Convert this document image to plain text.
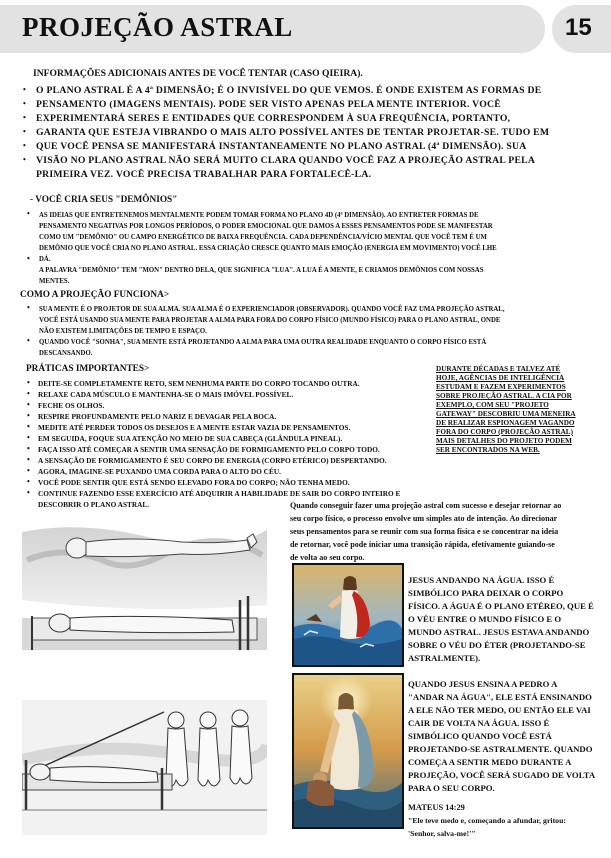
PROJEÇÃO ASTRAL	15

INFORMAÇÕES ADICIONAIS ANTES DE VOCÊ TENTAR (CASO QIEIRA).

•
•
•
•
•
•

O PLANO ASTRAL É A 4ª DIMENSÃO; É O INVISÍVEL DO QUE VEMOS. É ONDE EXISTEM AS FORMAS DE

PENSAMENTO (IMAGENS MENTAIS). PODE SER VISTO APENAS PELA MENTE INTERIOR. VOCÊ

EXPERIMENTARÁ SERES E ENTIDADES QUE CORRESPONDEM À SUA FREQUÊNCIA, PORTANTO,

GARANTA QUE ESTEJA VIBRANDO O MAIS ALTO POSSÍVEL ANTES DE TENTAR PROJETAR-SE. TUDO EM

QUE VOCÊ PENSA SE MANIFESTARÁ INSTANTANEAMENTE NO PLANO ASTRAL (4ª DIMENSÃO). SUA

VISÃO NO PLANO ASTRAL NÃO SERÁ MUITO CLARA QUANDO VOCÊ FAZ A PROJEÇÃO ASTRAL PELA

PRIMEIRA VEZ. VOCÊ PRECISA TRABALHAR PARA FORTALECÊ-LA.

- VOCÊ CRIA SEUS "DEMÔNIOS"

•
•

AS IDEIAS QUE ENTRETENEMOS MENTALMENTE PODEM TOMAR FORMA NO PLANO 4D (4ª DIMENSÃO). AO ENTRETER FORMAS DE

PENSAMENTO NEGATIVAS POR LONGOS PERÍODOS, O PODER EMOCIONAL QUE DAMOS A ESSES PENSAMENTOS PODE SE MANIFESTAR

COMO UM "DEMÔNIO" OU CAMPO ENERGÉTICO DE BAIXA FREQUÊNCIA. CADA DEPENDÊNCIA/VÍCIO MENTAL QUE VOCÊ TEM É UM

DEMÔNIO QUE VOCÊ CRIA NO PLANO ASTRAL. ESSA CRIAÇÃO CRESCE QUANTO MAIS EMOÇÃO (ENERGIA EM MOVIMENTO) VOCÊ LHE

DÁ.

A PALAVRA "DEMÔNIO" TEM "MON" DENTRO DELA, QUE SIGNIFICA "LUA". A LUA É A MENTE, E CRIAMOS DEMÔNIOS COM NOSSAS

MENTES.

COMO A PROJEÇÃO FUNCIONA>

•
•

SUA MENTE É O PROJETOR DE SUA ALMA. SUA ALMA É O EXPERIENCIADOR (OBSERVADOR). QUANDO VOCÊ FAZ UMA PROJEÇÃO ASTRAL,

VOCÊ ESTÁ USANDO SUA MENTE PARA PROJETAR A ALMA PARA FORA DO CORPO FÍSICO (MUNDO FÍSICO) PARA O PLANO ASTRAL, ONDE

NÃO EXISTEM LIMITAÇÕES DE TEMPO E ESPAÇO.

QUANDO VOCÊ "SONHA", SUA MENTE ESTÁ PROJETANDO A ALMA PARA UMA OUTRA REALIDADE ENQUANTO O CORPO FÍSICO ESTÁ

DESCANSANDO.

PRÁTICAS IMPORTANTES>

•
•
•
•
•
•
•
•
•
•
•

DEITE-SE COMPLETAMENTE RETO, SEM NENHUMA PARTE DO CORPO TOCANDO OUTRA.

RELAXE CADA MÚSCULO E MANTENHA-SE O MAIS IMÓVEL POSSÍVEL.

FECHE OS OLHOS.

RESPIRE PROFUNDAMENTE PELO NARIZ E DEVAGAR PELA BOCA.

MEDITE ATÉ PERDER TODOS OS DESEJOS E A MENTE ESTAR VAZIA DE PENSAMENTOS.

EM SEGUIDA, FOQUE SUA ATENÇÃO NO MEIO DE SUA CABEÇA (GLÂNDULA PINEAL).

FAÇA ISSO ATÉ COMEÇAR A SENTIR UMA SENSAÇÃO DE FORMIGAMENTO PELO CORPO TODO.

A SENSAÇÃO DE FORMIGAMENTO É SEU CORPO DE ENERGIA (CORPO ETÉRICO) DESPERTANDO.

AGORA, IMAGINE-SE PUXANDO UMA CORDA PARA O ALTO DO CÉU.

VOCÊ PODE SENTIR QUE ESTÁ SENDO ELEVADO FORA DO CORPO; NÃO TENHA MEDO.

CONTINUE FAZENDO ESSE EXERCÍCIO ATÉ ADQUIRIR A HABILIDADE DE SAIR DO CORPO INTEIRO E

DESCOBRIR O PLANO ASTRAL.

DURANTE DÉCADAS E TALVEZ ATÉ

HOJE, AGÊNCIAS DE INTELIGÊNCIA

ESTUDAM E FAZEM EXPERIMENTOS

SOBRE PROJEÇÃO ASTRAL. A CIA POR

EXEMPLO, COM SEU "PROJETO

GATEWAY" DESCOBRIU UMA MENEIRA

DE REALIZAR ESPIONAGEM VAGANDO

FORA DO CORPO (PROJEÇÃO ASTRAL)

MAIS DETALHES DO PROJETO PODEM

SER ENCONTRADOS NA WEB.

Quando conseguir fazer uma projeção astral com sucesso e desejar retornar ao

seu corpo físico, o processo envolve um simples ato de intenção. Ao direcionar

seus pensamentos para se reunir com sua forma física e se concentrar na ideia

de retornar, você pode iniciar uma transição rápida, efetivamente guiando-se

de volta ao seu corpo.

JESUS ANDANDO NA ÁGUA. ISSO É

SIMBÓLICO PARA DEIXAR O CORPO

FÍSICO. A ÁGUA É O PLANO ETÉREO, QUE É

O VÉU ENTRE O MUNDO FÍSICO E O

MUNDO ASTRAL. JESUS ESTAVA ANDANDO

SOBRE O VÉU DO ÉTER (PROJETANDO-SE

ASTRALMENTE).

QUANDO JESUS ENSINA A PEDRO A

"ANDAR NA ÁGUA", ELE ESTÁ ENSINANDO

A ELE NÃO TER MEDO, OU ENTÃO ELE VAI

CAIR DE VOLTA NA ÁGUA. ISSO É

SIMBÓLICO QUANDO VOCÊ ESTÁ

PROJETANDO-SE ASTRALMENTE. QUANDO

COMEÇA A SENTIR MEDO DURANTE A

PROJEÇÃO, VOCÊ SERÁ SUGADO DE VOLTA

PARA O SEU CORPO.

MATEUS 14:29

"Ele teve medo e, começando a afundar, gritou:

'Senhor, salva-me!'"
